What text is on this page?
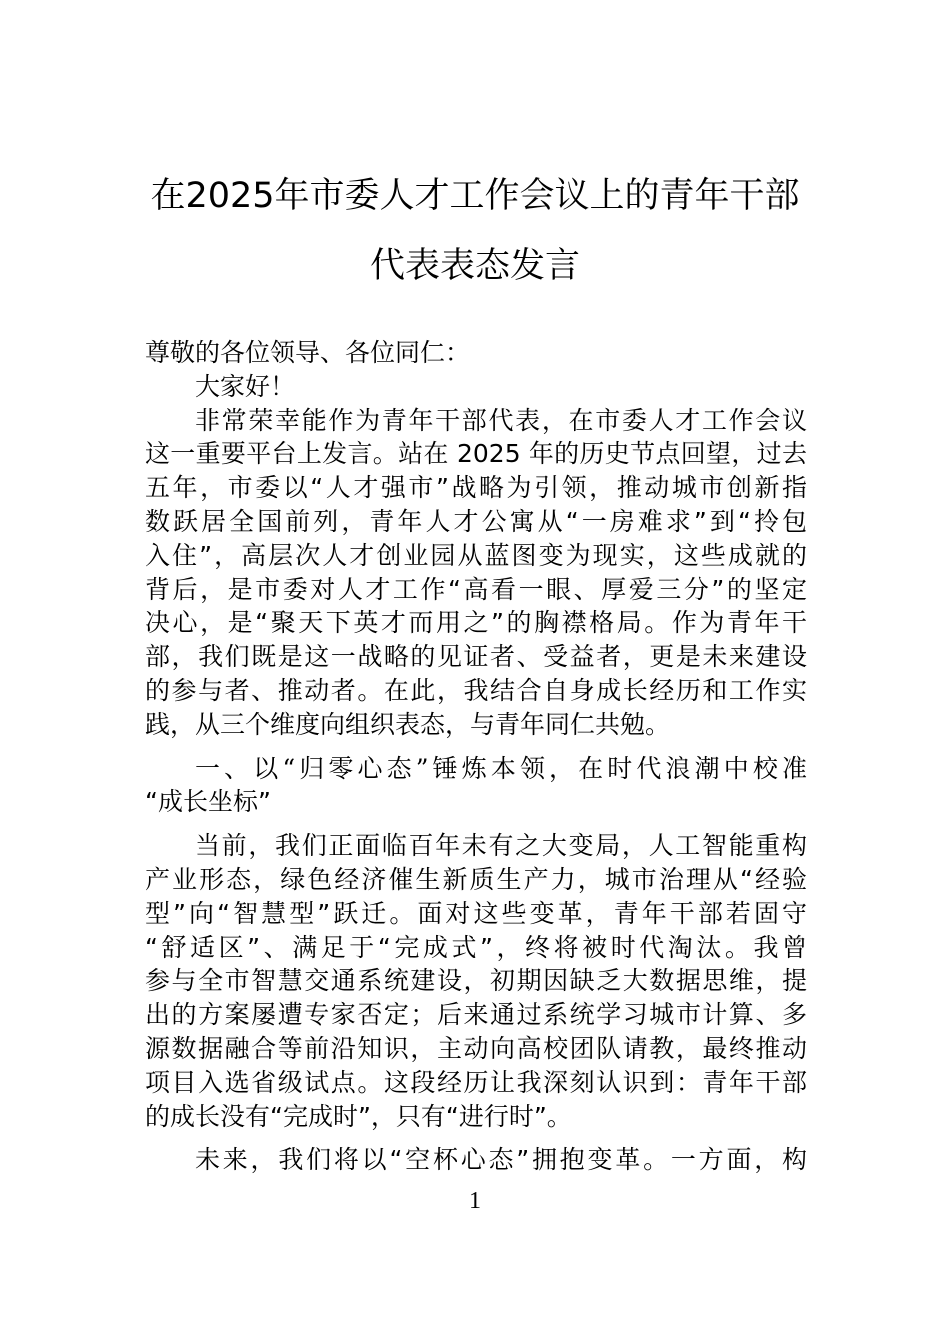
在2025年市委人才工作会议上的青年干部
代表表态发言
尊敬的各位领导、各位同仁：
大家好！
非常荣幸能作为青年干部代表，在市委人才工作会议
这一重要平台上发言。站在 2025 年的历史节点回望，过去
五年，市委以“人才强市”战略为引领，推动城市创新指
数跃居全国前列，青年人才公寓从“一房难求”到“拎包
入住”，高层次人才创业园从蓝图变为现实，这些成就的
背后，是市委对人才工作“高看一眼、厚爱三分”的坚定
决心，是“聚天下英才而用之”的胸襟格局。作为青年干
部，我们既是这一战略的见证者、受益者，更是未来建设
的参与者、推动者。在此，我结合自身成长经历和工作实
践，从三个维度向组织表态，与青年同仁共勉。
一、以“归零心态”锤炼本领，在时代浪潮中校准
“成长坐标”
当前，我们正面临百年未有之大变局，人工智能重构
产业形态，绿色经济催生新质生产力，城市治理从“经验
型”向“智慧型”跃迁。面对这些变革，青年干部若固守
“舒适区”、满足于“完成式”，终将被时代淘汰。我曾
参与全市智慧交通系统建设，初期因缺乏大数据思维，提
出的方案屡遭专家否定；后来通过系统学习城市计算、多
源数据融合等前沿知识，主动向高校团队请教，最终推动
项目入选省级试点。这段经历让我深刻认识到：青年干部
的成长没有“完成时”，只有“进行时”。
未来，我们将以“空杯心态”拥抱变革。一方面，构
1
